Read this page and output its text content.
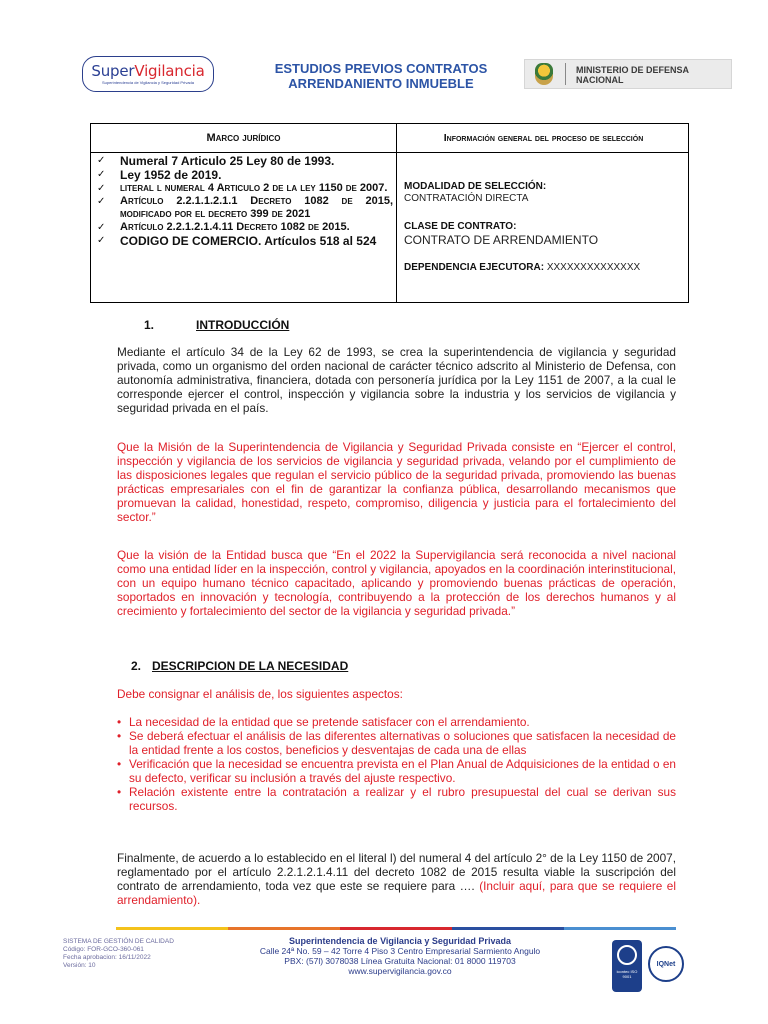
SuperVigilancia
Superintendencia de Vigilancia y Seguridad Privada
ESTUDIOS PREVIOS CONTRATOS
ARRENDANIENTO INMUEBLE
MINISTERIO DE DEFENSA
NACIONAL
Marco jurídico	Información general del proceso de selección
✓ Numeral 7 Articulo 25 Ley 80 de 1993.
✓ Ley 1952 de 2019.
✓ literal l numeral 4 Articulo 2 de la ley 1150 de 2007.
✓ Artículo 2.2.1.1.2.1.1 Decreto 1082 de 2015, modificado por el decreto 399 de 2021
✓ Artículo 2.2.1.2.1.4.11 Decreto 1082 de 2015.
✓ CODIGO DE COMERCIO. Artículos 518 al 524
MODALIDAD DE SELECCIÓN:
CONTRATACIÓN DIRECTA
CLASE DE CONTRATO:
CONTRATO DE ARRENDAMIENTO
DEPENDENCIA EJECUTORA: XXXXXXXXXXXXXX
1.	INTRODUCCIÓN
Mediante el artículo 34 de la Ley 62 de 1993, se crea la superintendencia de vigilancia y seguridad privada, como un organismo del orden nacional de carácter técnico adscrito al Ministerio de Defensa, con autonomía administrativa, financiera, dotada con personería jurídica por la Ley 1151 de 2007, a la cual le corresponde ejercer el control, inspección y vigilancia sobre la industria y los servicios de vigilancia y seguridad privada en el país.
Que la Misión de la Superintendencia de Vigilancia y Seguridad Privada consiste en “Ejercer el control, inspección y vigilancia de los servicios de vigilancia y seguridad privada, velando por el cumplimiento de las disposiciones legales que regulan el servicio público de la seguridad privada, promoviendo las buenas prácticas empresariales con el fin de garantizar la confianza pública, desarrollando mecanismos que promuevan la calidad, honestidad, respeto, compromiso, diligencia y justicia para el fortalecimiento del sector.”
Que la visión de la Entidad busca que “En el 2022 la Supervigilancia será reconocida a nivel nacional como una entidad líder en la inspección, control y vigilancia, apoyados en la coordinación interinstitucional, con un equipo humano técnico capacitado, aplicando y promoviendo buenas prácticas de operación, soportados en innovación y tecnología, contribuyendo a la protección de los derechos humanos y al crecimiento y fortalecimiento del sector de la vigilancia y seguridad privada.”
2. DESCRIPCION DE LA NECESIDAD
Debe consignar el análisis de, los siguientes aspectos:
• La necesidad de la entidad que se pretende satisfacer con el arrendamiento.
• Se deberá efectuar el análisis de las diferentes alternativas o soluciones que satisfacen la necesidad de la entidad frente a los costos, beneficios y desventajas de cada una de ellas
• Verificación que la necesidad se encuentra prevista en el Plan Anual de Adquisiciones de la entidad o en su defecto, verificar su inclusión a través del ajuste respectivo.
• Relación existente entre la contratación a realizar y el rubro presupuestal del cual se derivan sus recursos.
Finalmente, de acuerdo a lo establecido en el literal l) del numeral 4 del artículo 2° de la Ley 1150 de 2007, reglamentado por el artículo 2.2.1.2.1.4.11 del decreto 1082 de 2015 resulta viable la suscripción del contrato de arrendamiento, toda vez que este se requiere para …. (Incluir aquí, para que se requiere el arrendamiento).
SISTEMA DE GESTIÓN DE CALIDAD
Código: FOR-GCO-360-061
Fecha aprobacion: 16/11/2022
Versión: 10
Superintendencia de Vigilancia y Seguridad Privada
Calle 24ª No. 59 – 42 Torre 4 Piso 3 Centro Empresarial Sarmiento Angulo
PBX: (57l) 3078038 Línea Gratuita Nacional: 01 8000 119703
www.supervigilancia.gov.co	icontec ISO 9001
IQNet
